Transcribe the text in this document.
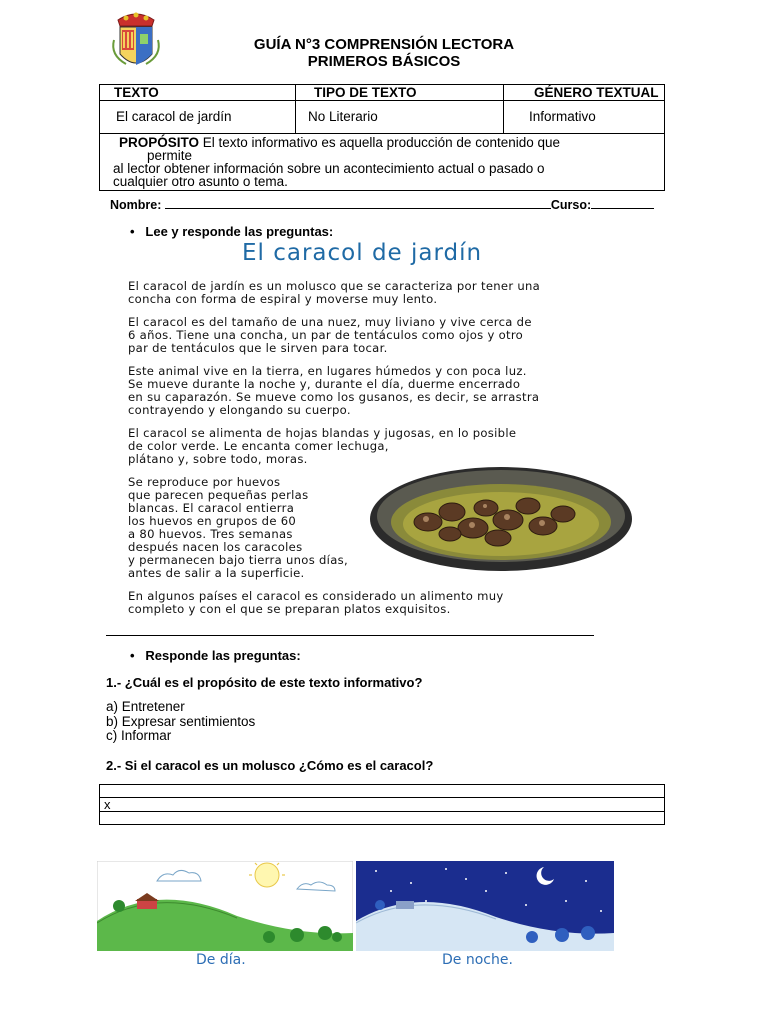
GUÍA N°3 COMPRENSIÓN LECTORA
PRIMEROS BÁSICOS
TEXTO	TIPO DE TEXTO	GÉNERO TEXTUAL
El caracol de jardín	No Literario	Informativo

PROPÓSITO El texto informativo es aquella producción de contenido que
permite
al lector obtener información sobre un acontecimiento actual o pasado o
cualquier otro asunto o tema.		
Nombre:	Curso:
• Lee y responde las preguntas:
El caracol de jardín

El caracol de jardín es un molusco que se caracteriza por tener una
concha con forma de espiral y moverse muy lento.

El caracol es del tamaño de una nuez, muy liviano y vive cerca de
6 años. Tiene una concha, un par de tentáculos como ojos y otro
par de tentáculos que le sirven para tocar.

Este animal vive en la tierra, en lugares húmedos y con poca luz.
Se mueve durante la noche y, durante el día, duerme encerrado
en su caparazón. Se mueve como los gusanos, es decir, se arrastra
contrayendo y elongando su cuerpo.

El caracol se alimenta de hojas blandas y jugosas, en lo posible
de color verde. Le encanta comer lechuga,
plátano y, sobre todo, moras.

Se reproduce por huevos
que parecen pequeñas perlas
blancas. El caracol entierra
los huevos en grupos de 60
a 80 huevos. Tres semanas
después nacen los caracoles
y permanecen bajo tierra unos días,
antes de salir a la superficie.

En algunos países el caracol es considerado un alimento muy
completo y con el que se preparan platos exquisitos.

• Responde las preguntas:
1.- ¿Cuál es el propósito de este texto informativo?
a) Entretener
b) Expresar sentimientos
c) Informar
2.- Si el caracol es un molusco ¿Cómo es el caracol?

x

De día.	De noche.
